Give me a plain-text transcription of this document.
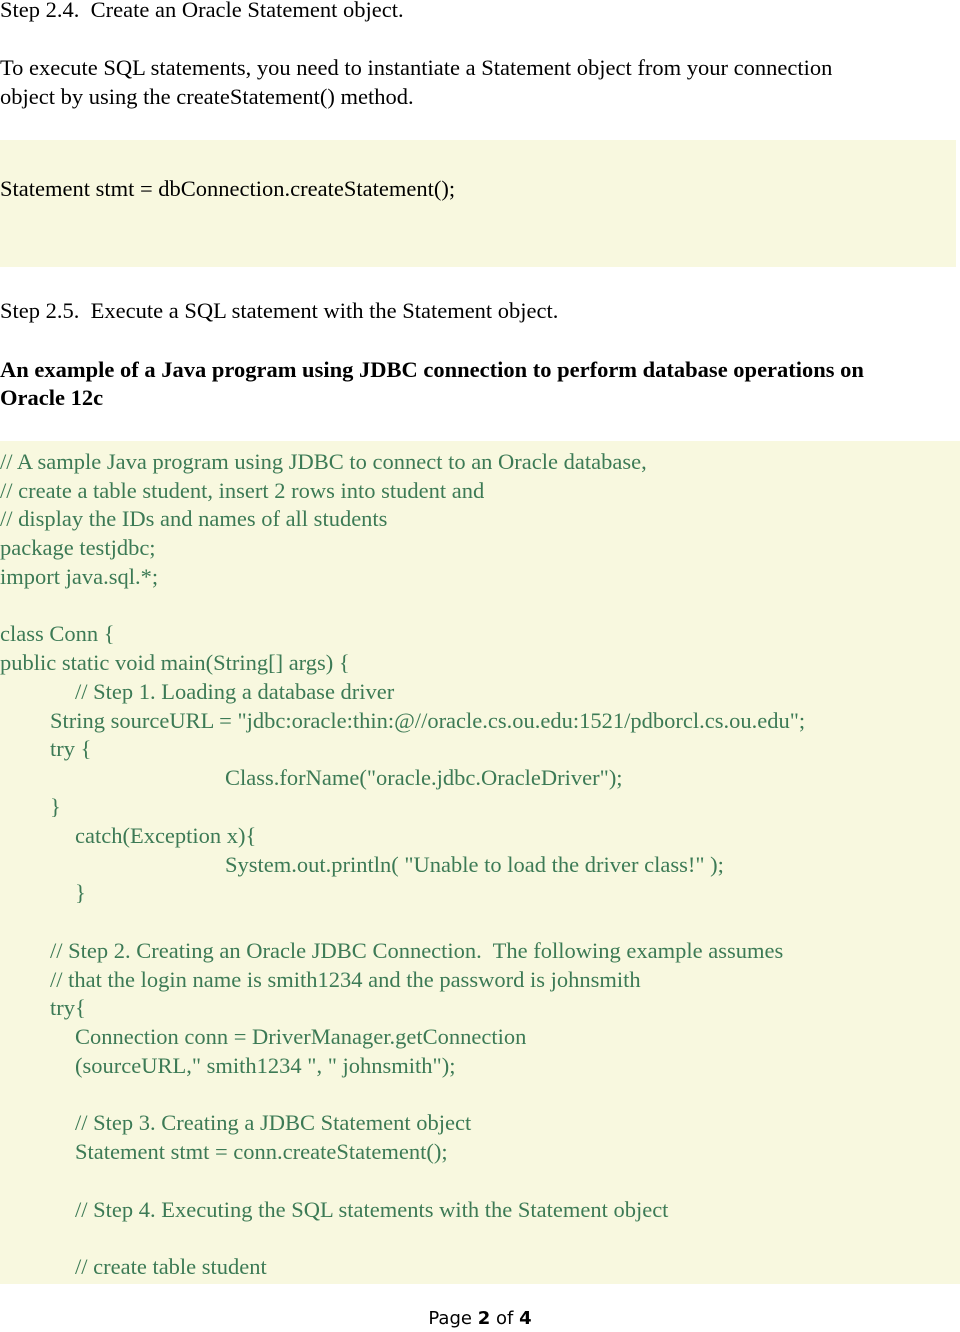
Step 2.4.  Create an Oracle Statement object.
To execute SQL statements, you need to instantiate a Statement object from your connection
object by using the createStatement() method.
Statement stmt = dbConnection.createStatement();
Step 2.5.  Execute a SQL statement with the Statement object.
An example of a Java program using JDBC connection to perform database operations on
Oracle 12c
// A sample Java program using JDBC to connect to an Oracle database,
// create a table student, insert 2 rows into student and
// display the IDs and names of all students
package testjdbc;
import java.sql.*;
class Conn {
public static void main(String[] args) {
// Step 1. Loading a database driver
String sourceURL = "jdbc:oracle:thin:@//oracle.cs.ou.edu:1521/pdborcl.cs.ou.edu";
try {
Class.forName("oracle.jdbc.OracleDriver");
}
catch(Exception x){
System.out.println( "Unable to load the driver class!" );
}
// Step 2. Creating an Oracle JDBC Connection.  The following example assumes
// that the login name is smith1234 and the password is johnsmith
try{
Connection conn = DriverManager.getConnection
(sourceURL," smith1234 ", " johnsmith");
// Step 3. Creating a JDBC Statement object
Statement stmt = conn.createStatement();
// Step 4. Executing the SQL statements with the Statement object
// create table student
Page 2 of 4
